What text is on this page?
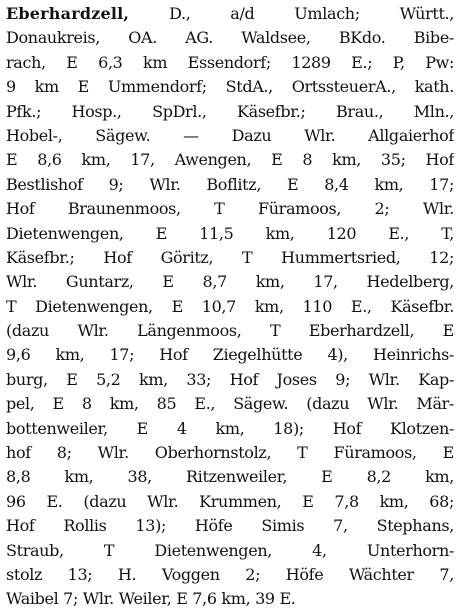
Eberhardzell, D., a/d Umlach; Württ.,
Donaukreis, OA. AG. Waldsee, BKdo. Bibe-
rach, E 6,3 km Essendorf; 1289 E.; P, Pw:
9 km E Ummendorf; StdA., OrtssteuerA., kath.
Pfk.; Hosp., SpDrl., Käsefbr.; Brau., Mln.,
Hobel-, Sägew. — Dazu Wlr. Allgaierhof
E 8,6 km, 17, Awengen, E 8 km, 35; Hof
Bestlishof 9; Wlr. Boflitz, E 8,4 km, 17;
Hof Braunenmoos, T Füramoos, 2; Wlr.
Dietenwengen, E 11,5 km, 120 E., T,
Käsefbr.; Hof Göritz, T Hummertsried, 12;
Wlr. Guntarz, E 8,7 km, 17, Hedelberg,
T Dietenwengen, E 10,7 km, 110 E., Käsefbr.
(dazu Wlr. Längenmoos, T Eberhardzell, E
9,6 km, 17; Hof Ziegelhütte 4), Heinrichs-
burg, E 5,2 km, 33; Hof Joses 9; Wlr. Kap-
pel, E 8 km, 85 E., Sägew. (dazu Wlr. Mär-
bottenweiler, E 4 km, 18); Hof Klotzen-
hof 8; Wlr. Oberhornstolz, T Füramoos, E
8,8 km, 38, Ritzenweiler, E 8,2 km,
96 E. (dazu Wlr. Krummen, E 7,8 km, 68;
Hof Rollis 13); Höfe Simis 7, Stephans,
Straub, T Dietenwengen, 4, Unterhorn-
stolz 13; H. Voggen 2; Höfe Wächter 7,
Waibel 7; Wlr. Weiler, E 7,6 km, 39 E.
